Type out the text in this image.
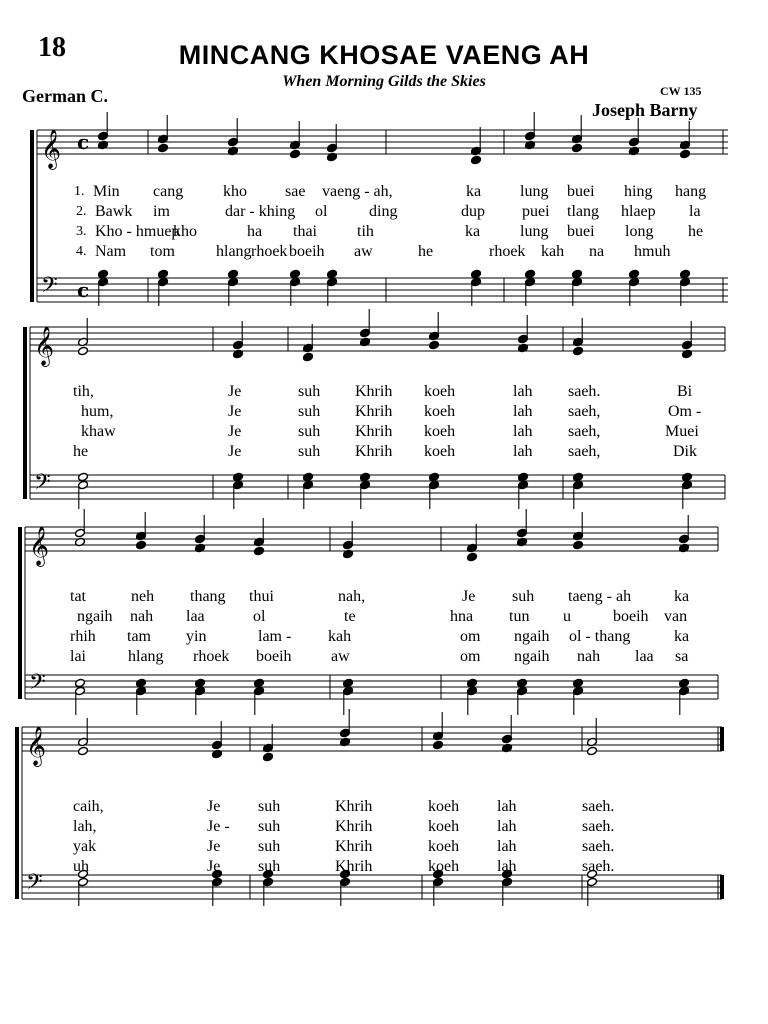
18	MINCANG KHOSAE VAENG AH
When Morning Gilds the Skies
German C.	CW 135
Joseph Barny
𝄞
𝄢
c
c
𝄞
𝄢
𝄞
𝄢
𝄞
𝄢
1. Min cang kho sae vaeng - ah,	ka lung buei hing hang
2. Bawk im	dar - khing ol	ding	dup puei tlang hlaep la
3. Kho - hmuep
kho	ha thai	tih	ka lung buei long he
4. Nam tom	hlang rhoek boeih aw	he	rhoek kah na hmuh
tih,	Je	suh Khrih koeh	lah saeh.	Bi
hum,	Je	suh Khrih koeh	lah saeh,	Om -
khaw	Je	suh Khrih koeh	lah saeh,	Muei
he	Je	suh Khrih koeh	lah saeh,	Dik
tat	neh thang thui	nah,	Je suh taeng - ah	ka
ngaih nah laa	ol	te	hna tun u	boeih van
rhih tam yin	lam - kah	om ngaih ol - thang	ka
lai	hlang rhoek boeih aw	om ngaih nah laa sa
caih,	Je suh	Khrih	koeh lah	saeh.
lah,	Je - suh	Khrih	koeh lah	saeh.
yak	Je suh	Khrih	koeh lah	saeh.
uh	Je suh	Khrih	koeh lah	saeh.
